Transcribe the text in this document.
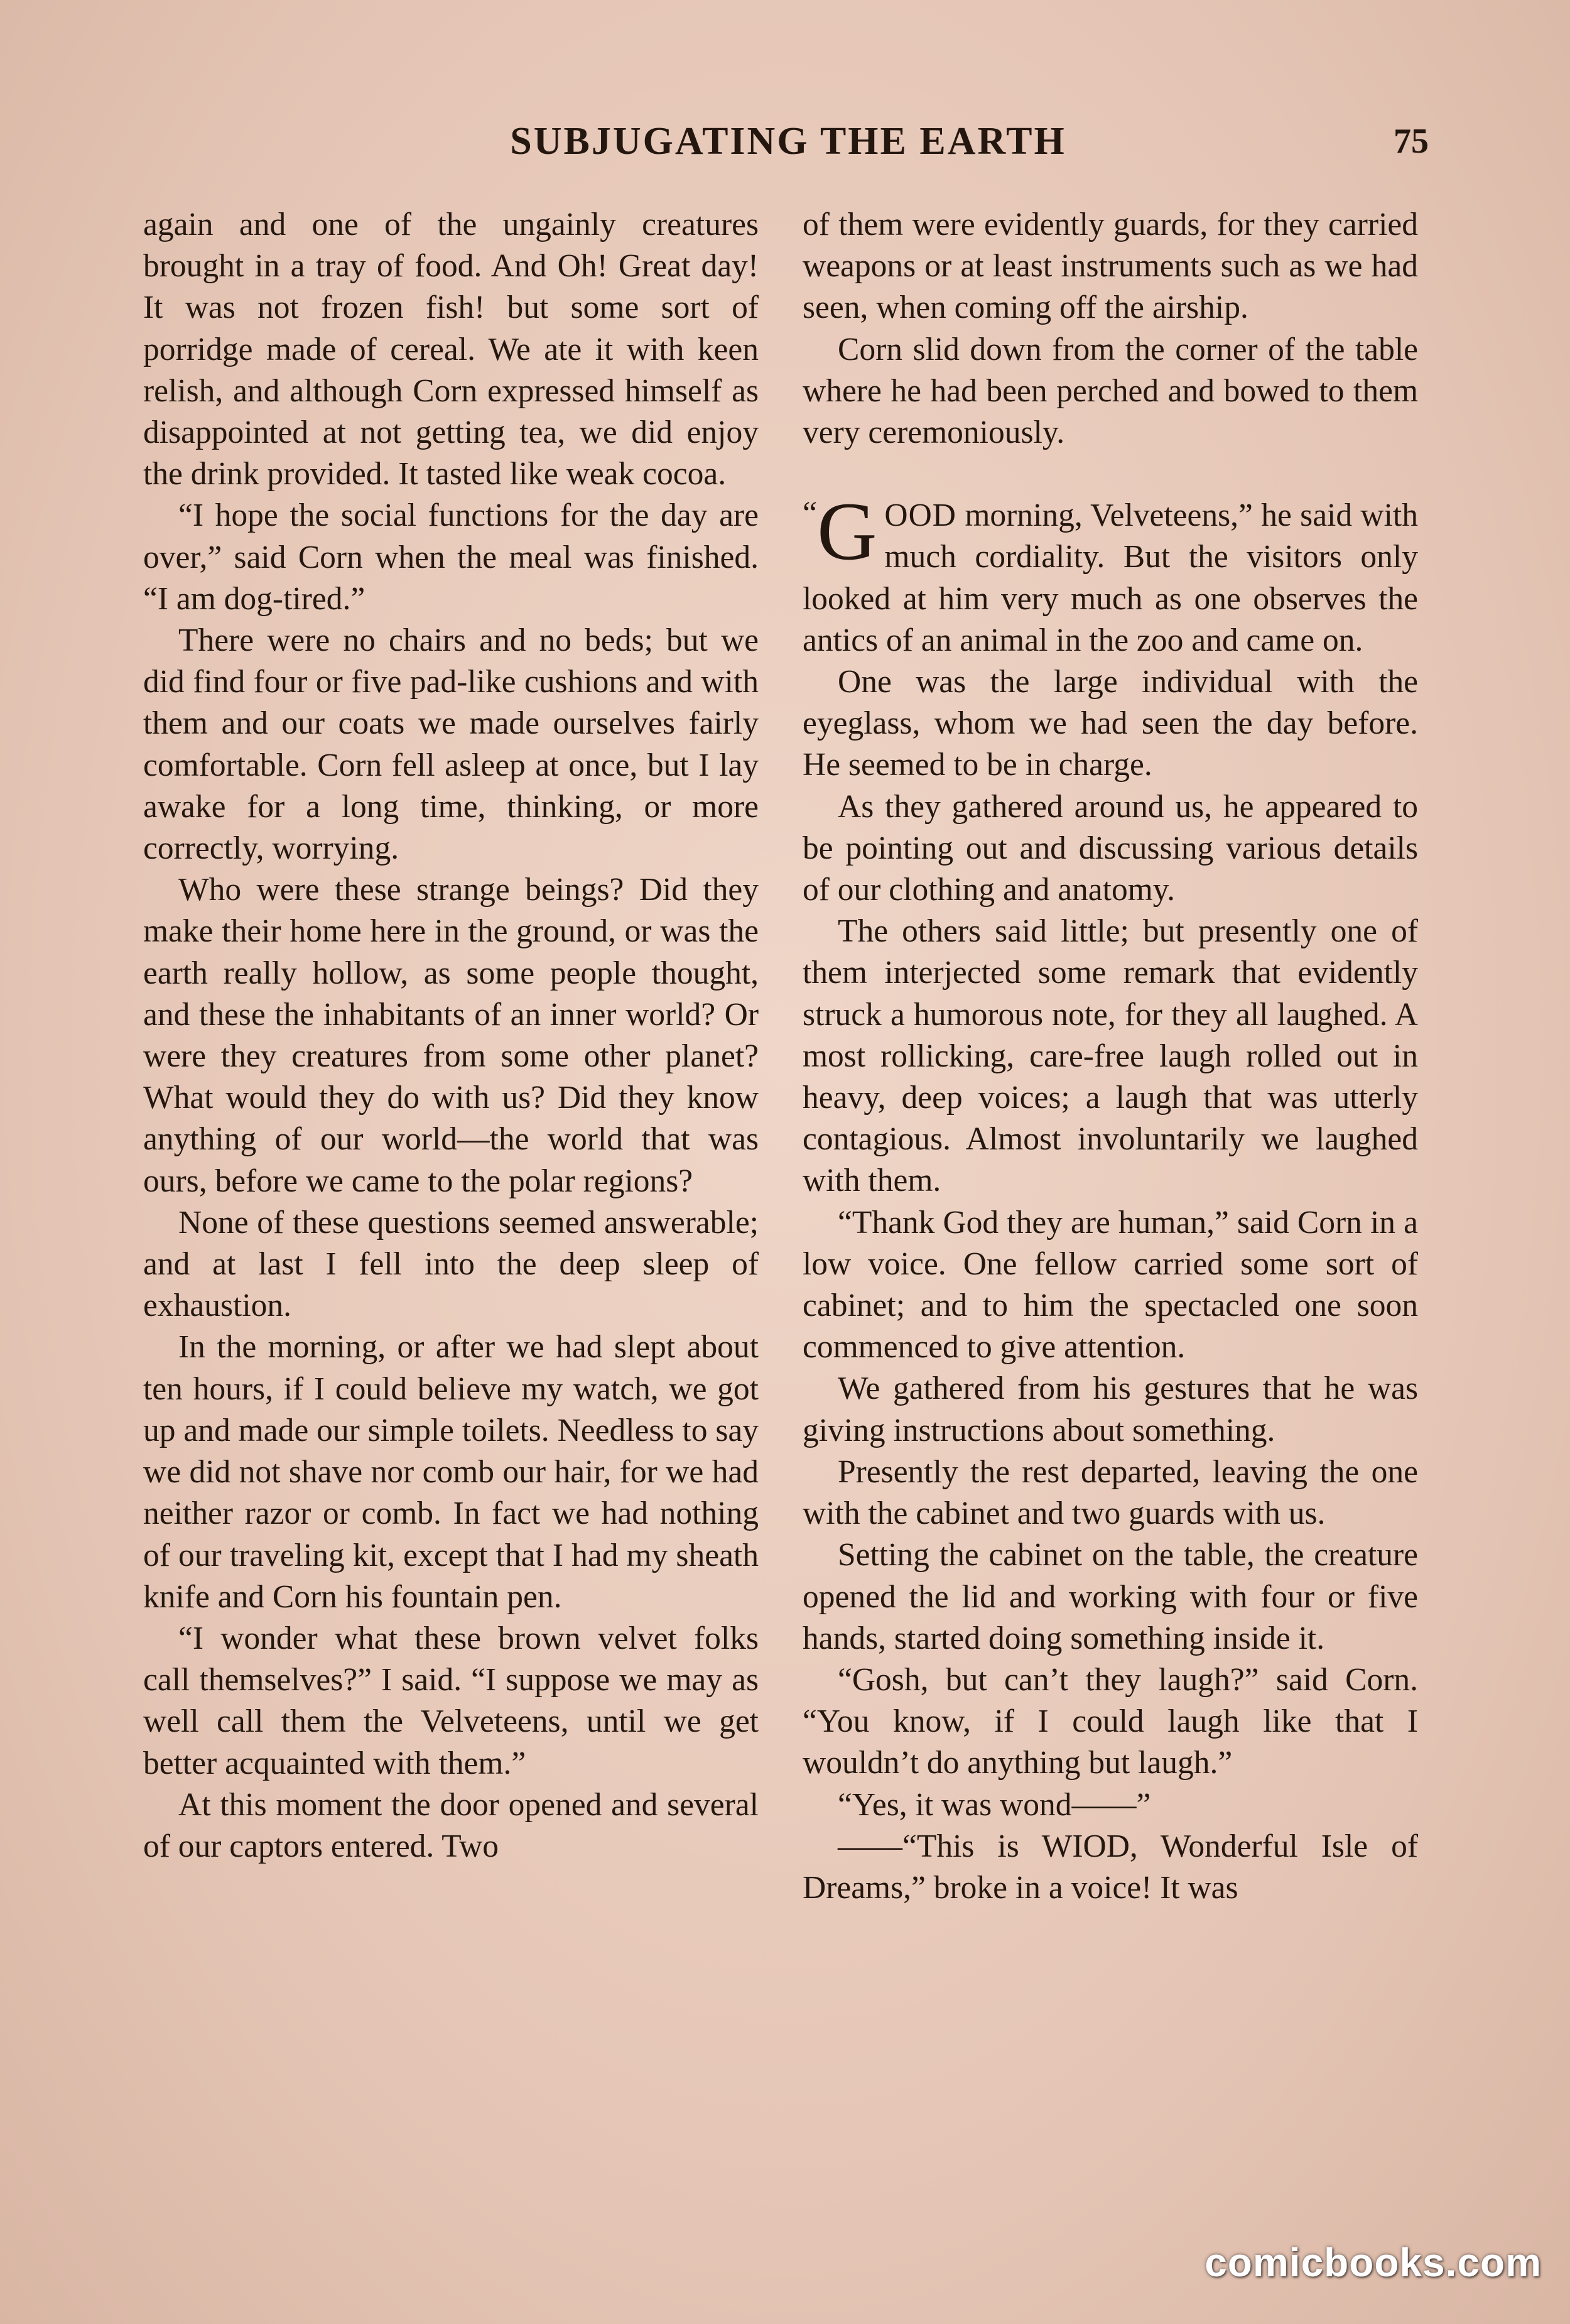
SUBJUGATING THE EARTH	75

again and one of the ungainly creatures brought in a tray of food. And Oh! Great day! It was not frozen fish! but some sort of porridge made of cereal. We ate it with keen relish, and although Corn expressed himself as disappointed at not getting tea, we did enjoy the drink provided. It tasted like weak cocoa.

“I hope the social functions for the day are over,” said Corn when the meal was finished. “I am dog-tired.”

There were no chairs and no beds; but we did find four or five pad-like cushions and with them and our coats we made ourselves fairly comfortable. Corn fell asleep at once, but I lay awake for a long time, thinking, or more correctly, worrying.

Who were these strange beings? Did they make their home here in the ground, or was the earth really hollow, as some people thought, and these the inhabitants of an inner world? Or were they creatures from some other planet? What would they do with us? Did they know anything of our world—the world that was ours, before we came to the polar regions?

None of these questions seemed answerable; and at last I fell into the deep sleep of exhaustion.

In the morning, or after we had slept about ten hours, if I could believe my watch, we got up and made our simple toilets. Needless to say we did not shave nor comb our hair, for we had neither razor or comb. In fact we had nothing of our traveling kit, except that I had my sheath knife and Corn his fountain pen.

“I wonder what these brown velvet folks call themselves?” I said. “I suppose we may as well call them the Velveteens, until we get better acquainted with them.”

At this moment the door opened and several of our captors entered. Two

of them were evidently guards, for they carried weapons or at least instruments such as we had seen, when coming off the airship.

Corn slid down from the corner of the table where he had been perched and bowed to them very ceremoniously.

“ G OOD morning, Velveteens,” he said with much cordiality. But the visitors only looked at him very much as one observes the antics of an animal in the zoo and came on.

One was the large individual with the eyeglass, whom we had seen the day before. He seemed to be in charge.

As they gathered around us, he appeared to be pointing out and discussing various details of our clothing and anatomy.

The others said little; but presently one of them interjected some remark that evidently struck a humorous note, for they all laughed. A most rollicking, care-free laugh rolled out in heavy, deep voices; a laugh that was utterly contagious. Almost involuntarily we laughed with them.

“Thank God they are human,” said Corn in a low voice. One fellow carried some sort of cabinet; and to him the spectacled one soon commenced to give attention.

We gathered from his gestures that he was giving instructions about something.

Presently the rest departed, leaving the one with the cabinet and two guards with us.

Setting the cabinet on the table, the creature opened the lid and working with four or five hands, started doing something inside it.

“Gosh, but can’t they laugh?” said Corn. “You know, if I could laugh like that I wouldn’t do anything but laugh.”

“Yes, it was wond——”

——“This is WIOD, Wonderful Isle of Dreams,” broke in a voice! It was

comicbooks.com
